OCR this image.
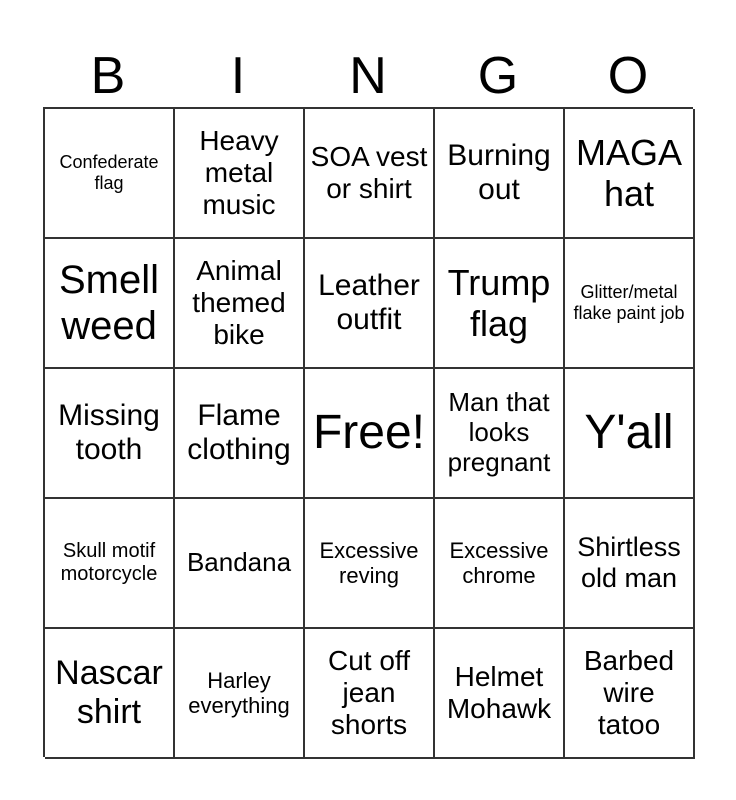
B	I	N	G	O
Confederate flag
Heavy metal music
SOA vest or shirt
Burning out
MAGA hat
Smell weed
Animal themed bike
Leather outfit
Trump flag
Glitter/metal flake paint job
Missing tooth
Flame clothing Free!
Man that looks pregnant
Y'all
Skull motif motorcycle	Bandana	Excessive reving
Excessive chrome
Shirtless old man
Nascar shirt
Harley everything
Cut off jean shorts
Helmet Mohawk
Barbed wire tatoo
